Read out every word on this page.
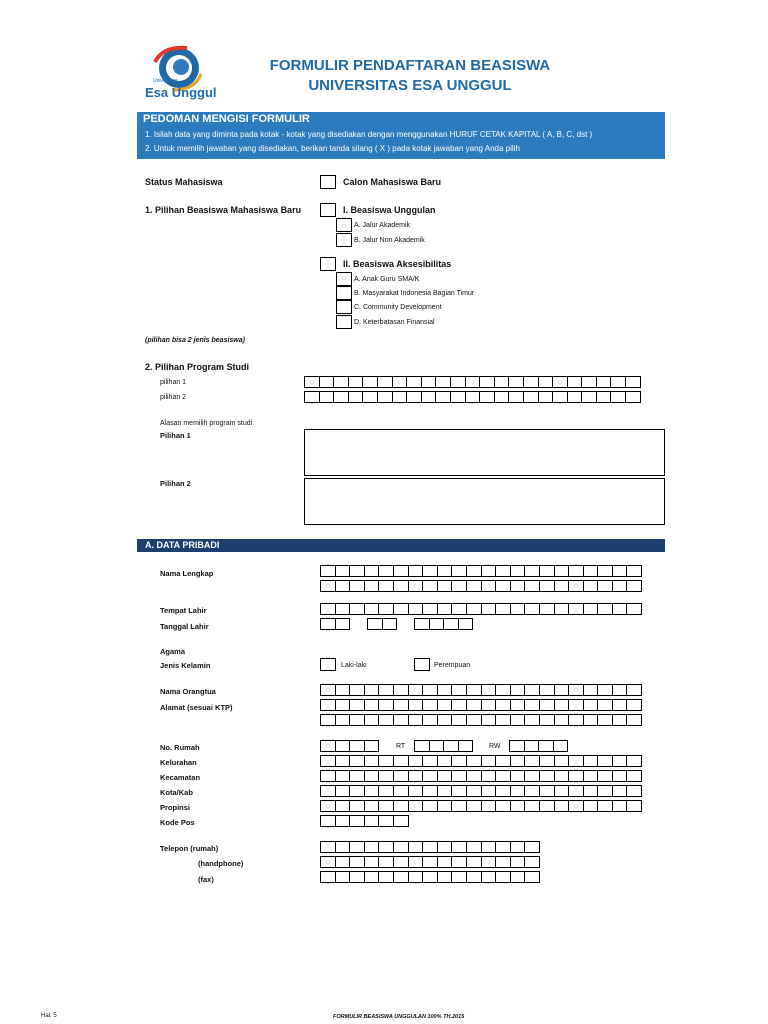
Universitas
Esa Unggul
FORMULIR PENDAFTARAN BEASISWA
UNIVERSITAS ESA UNGGUL
PEDOMAN MENGISI FORMULIR
1. Isilah data yang diminta pada kotak - kotak yang disediakan dengan menggunakan HURUF CETAK KAPITAL ( A, B, C, dst )
2. Untuk memilih jawaban yang disediakan, berikan tanda silang ( X ) pada kotak jawaban yang Anda pilih
Status Mahasiswa	Calon Mahasiswa Baru
1. Pilihan Beasiswa Mahasiswa Baru	I. Beasiswa Unggulan
A. Jalur Akademik
B. Jalur Non Akademik
II. Beasiswa Aksesibilitas
A. Anak Guru SMA/K
B. Masyarakat Indonesia Bagian Timur
C. Community Development
D. Keterbatasan Finansial
(pilihan bisa 2 jenis beasiswa)
2. Pilihan Program Studi
pilihan 1
pilihan 2
Alasan memilih program studi
Pilihan 1
Pilihan 2
A. DATA PRIBADI
Nama Lengkap
Tempat Lahir
Tanggal Lahir
Agama
Jenis Kelamin	Laki-laki	Perempuan
Nama Orangtua
Alamat (sesuai KTP)
No. Rumah	RT	RW
Kelurahan
Kecamatan
Kota/Kab
Propinsi
Kode Pos
Telepon (rumah)
(handphone)
(fax)
Hal. 5	FORMULIR BEASISWA UNGGULAN 100% TH.2015
